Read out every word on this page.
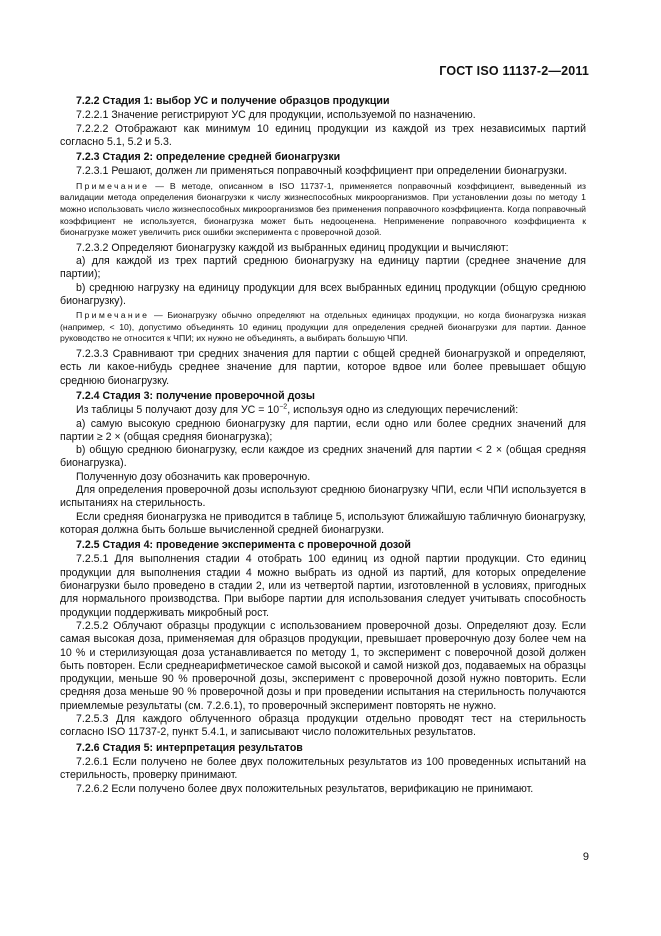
ГОСТ ISO 11137-2—2011

7.2.2 Стадия 1: выбор УС и получение образцов продукции

7.2.2.1 Значение регистрируют УС для продукции, используемой по назначению.

7.2.2.2 Отображают как минимум 10 единиц продукции из каждой из трех независимых партий согласно 5.1, 5.2 и 5.3.

7.2.3 Стадия 2: определение средней бионагрузки

7.2.3.1 Решают, должен ли применяться поправочный коэффициент при определении бионагрузки.

Примечание — В методе, описанном в ISO 11737-1, применяется поправочный коэффициент, выведенный из валидации метода определения бионагрузки к числу жизнеспособных микроорганизмов. При установлении дозы по методу 1 можно использовать число жизнеспособных микроорганизмов без применения поправочного коэффициента. Когда поправочный коэффициент не используется, бионагрузка может быть недооценена. Неприменение поправочного коэффициента к бионагрузке может увеличить риск ошибки эксперимента с проверочной дозой.

7.2.3.2 Определяют бионагрузку каждой из выбранных единиц продукции и вычисляют:

a) для каждой из трех партий среднюю бионагрузку на единицу партии (среднее значение для партии);

b) среднюю нагрузку на единицу продукции для всех выбранных единиц продукции (общую среднюю бионагрузку).

Примечание — Бионагрузку обычно определяют на отдельных единицах продукции, но когда бионагрузка низкая (например, < 10), допустимо объединять 10 единиц продукции для определения средней бионагрузки для партии. Данное руководство не относится к ЧПИ; их нужно не объединять, а выбирать большую ЧПИ.

7.2.3.3 Сравнивают три средних значения для партии с общей средней бионагрузкой и определяют, есть ли какое-нибудь среднее значение для партии, которое вдвое или более превышает общую среднюю бионагрузку.

7.2.4 Стадия 3: получение проверочной дозы

Из таблицы 5 получают дозу для УС = $10^{-2}$, используя одно из следующих перечислений:

a) самую высокую среднюю бионагрузку для партии, если одно или более средних значений для партии ≥ 2 × (общая средняя бионагрузка);

b) общую среднюю бионагрузку, если каждое из средних значений для партии < 2 × (общая средняя бионагрузка).

Полученную дозу обозначить как проверочную.

Для определения проверочной дозы используют среднюю бионагрузку ЧПИ, если ЧПИ используется в испытаниях на стерильность.

Если средняя бионагрузка не приводится в таблице 5, используют ближайшую табличную бионагрузку, которая должна быть больше вычисленной средней бионагрузки.

7.2.5 Стадия 4: проведение эксперимента с проверочной дозой

7.2.5.1 Для выполнения стадии 4 отобрать 100 единиц из одной партии продукции. Сто единиц продукции для выполнения стадии 4 можно выбрать из одной из партий, для которых определение бионагрузки было проведено в стадии 2, или из четвертой партии, изготовленной в условиях, пригодных для нормального производства. При выборе партии для использования следует учитывать способность продукции поддерживать микробный рост.

7.2.5.2 Облучают образцы продукции с использованием проверочной дозы. Определяют дозу. Если самая высокая доза, применяемая для образцов продукции, превышает проверочную дозу более чем на 10 % и стерилизующая доза устанавливается по методу 1, то эксперимент с поверочной дозой должен быть повторен. Если среднеарифметическое самой высокой и самой низкой доз, подаваемых на образцы продукции, меньше 90 % проверочной дозы, эксперимент с проверочной дозой нужно повторить. Если средняя доза меньше 90 % проверочной дозы и при проведении испытания на стерильность получаются приемлемые результаты (см. 7.2.6.1), то проверочный эксперимент повторять не нужно.

7.2.5.3 Для каждого облученного образца продукции отдельно проводят тест на стерильность согласно ISO 11737-2, пункт 5.4.1, и записывают число положительных результатов.

7.2.6 Стадия 5: интерпретация результатов

7.2.6.1 Если получено не более двух положительных результатов из 100 проведенных испытаний на стерильность, проверку принимают.

7.2.6.2 Если получено более двух положительных результатов, верификацию не принимают.

9
